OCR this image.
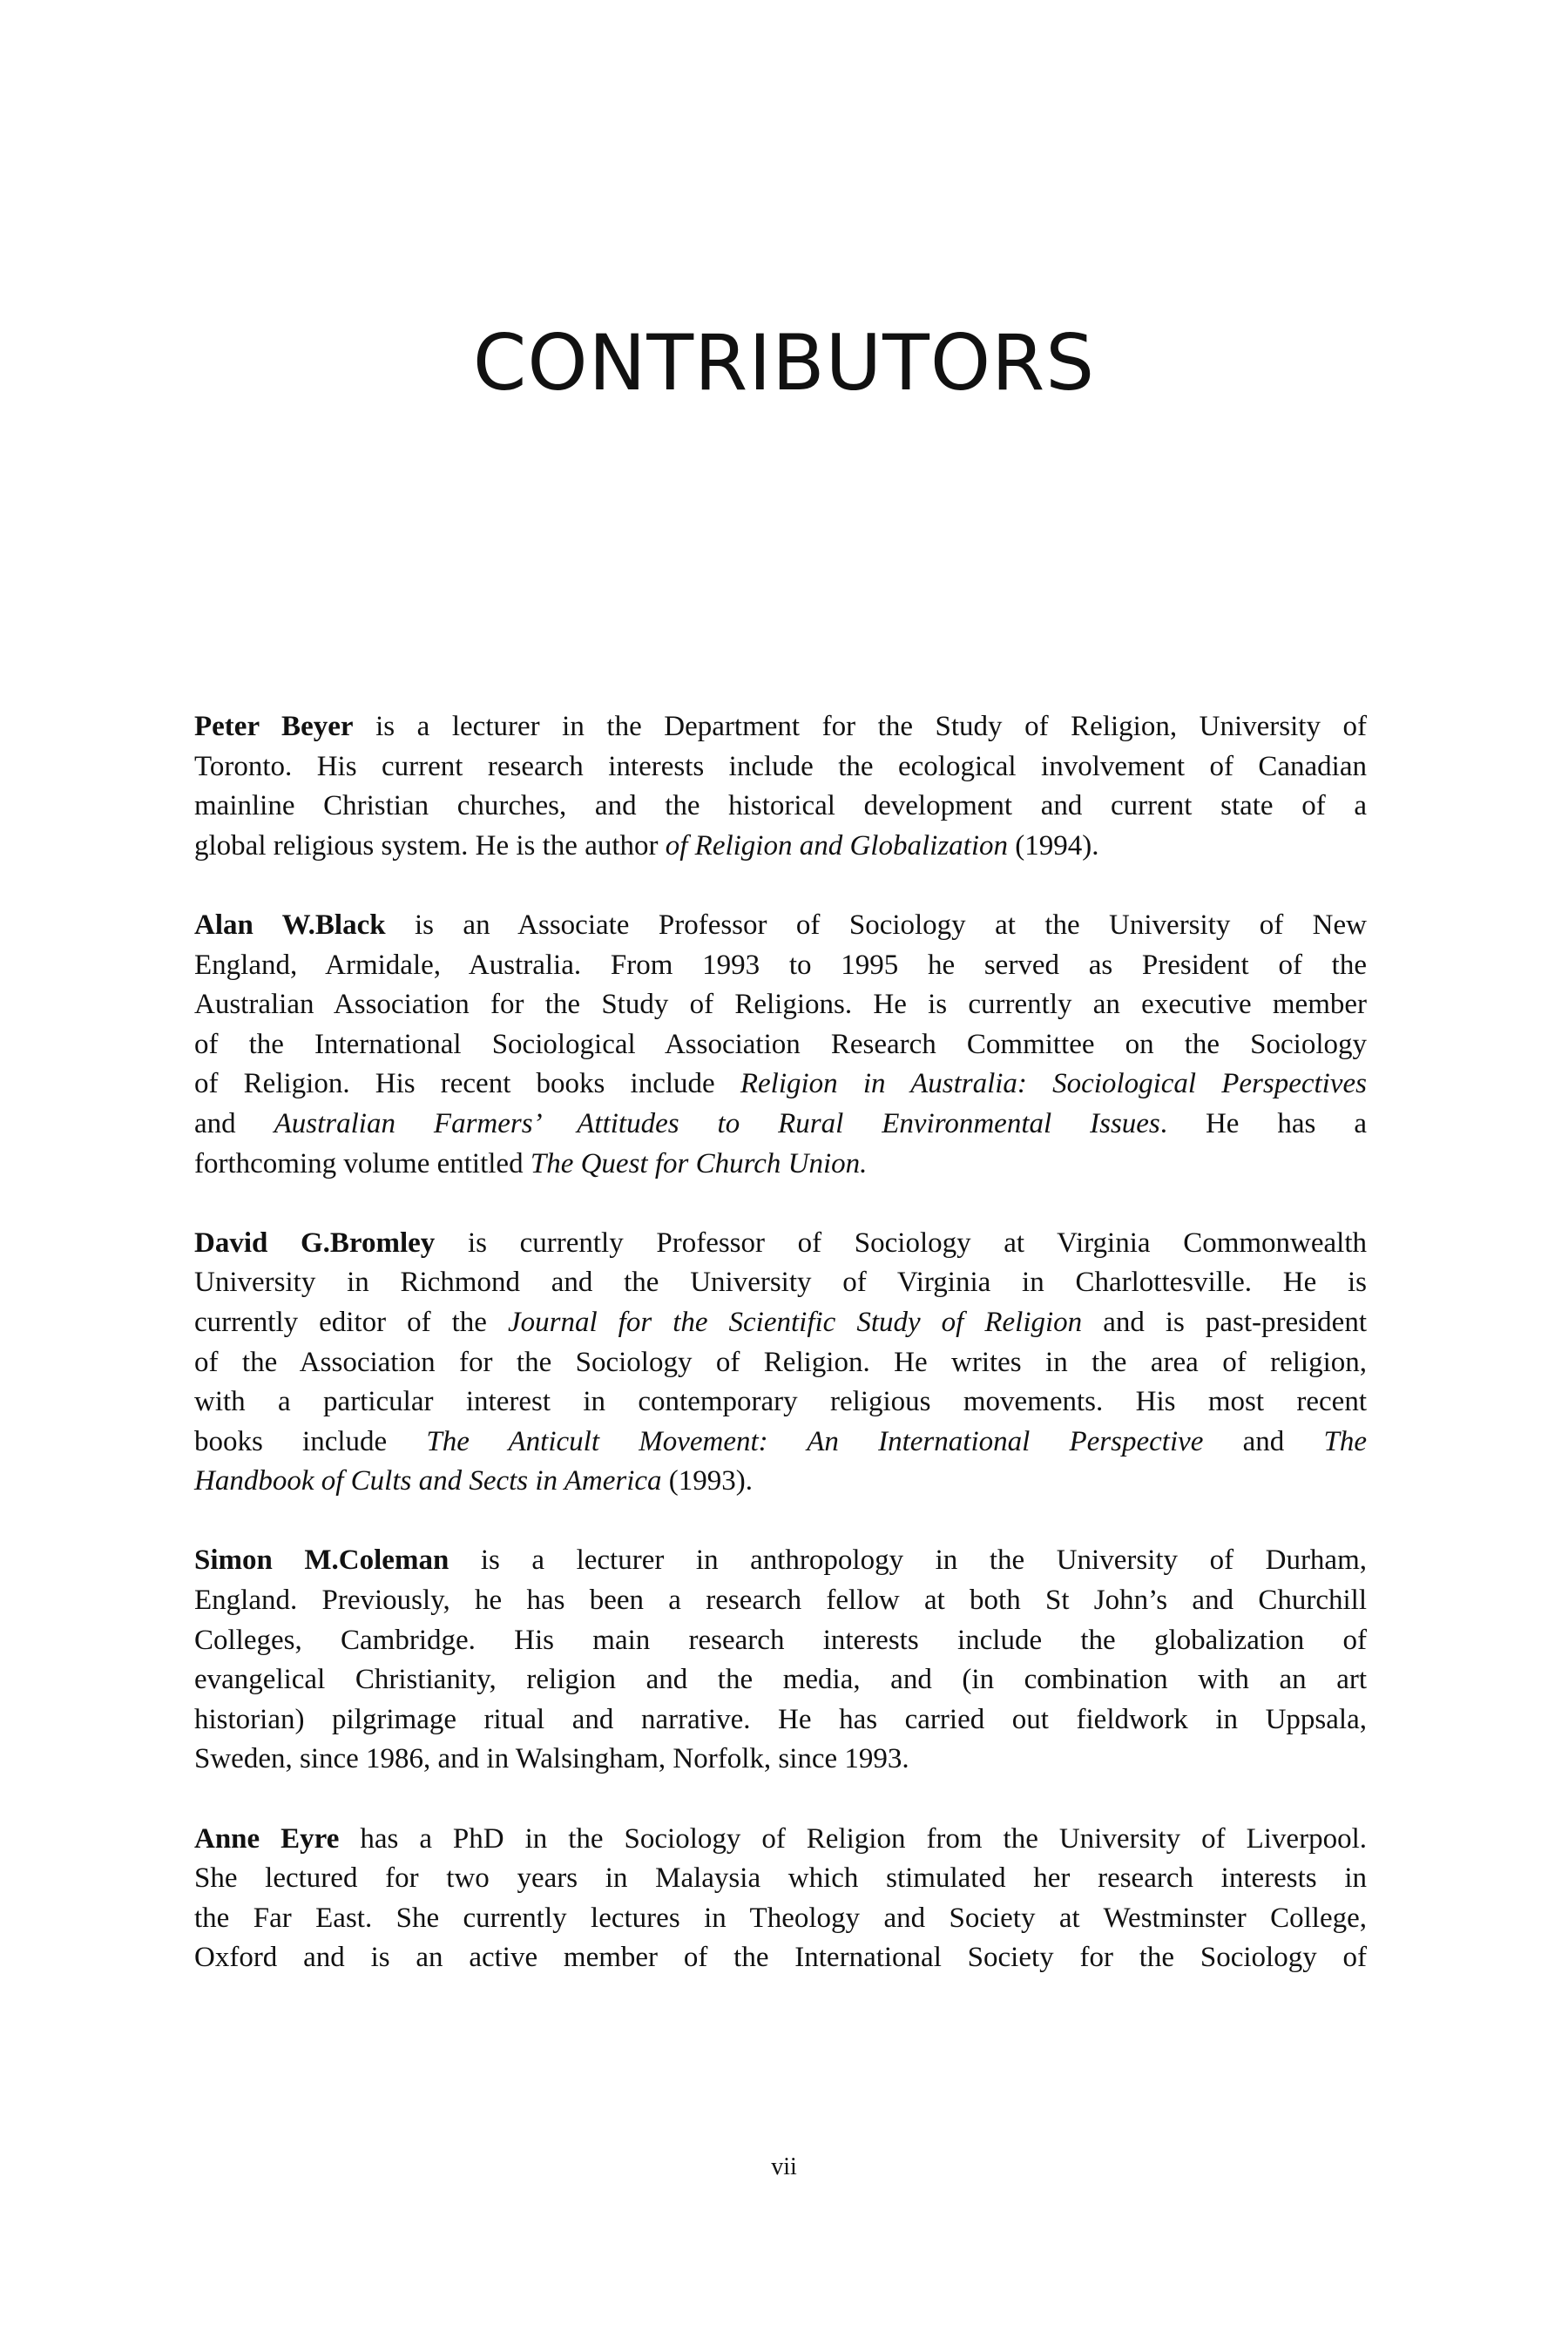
CONTRIBUTORS
Peter Beyer is a lecturer in the Department for the Study of Religion, University of
Toronto. His current research interests include the ecological involvement of Canadian
mainline Christian churches, and the historical development and current state of a
global religious system. He is the author of Religion and Globalization (1994).
Alan W.Black is an Associate Professor of Sociology at the University of New
England, Armidale, Australia. From 1993 to 1995 he served as President of the
Australian Association for the Study of Religions. He is currently an executive member
of the International Sociological Association Research Committee on the Sociology
of Religion. His recent books include Religion in Australia: Sociological Perspectives
and Australian Farmers’ Attitudes to Rural Environmental Issues. He has a
forthcoming volume entitled The Quest for Church Union.
David G.Bromley is currently Professor of Sociology at Virginia Commonwealth
University in Richmond and the University of Virginia in Charlottesville. He is
currently editor of the Journal for the Scientific Study of Religion and is past-president
of the Association for the Sociology of Religion. He writes in the area of religion,
with a particular interest in contemporary religious movements. His most recent
books include The Anticult Movement: An International Perspective and The
Handbook of Cults and Sects in America (1993).
Simon M.Coleman is a lecturer in anthropology in the University of Durham,
England. Previously, he has been a research fellow at both St John’s and Churchill
Colleges, Cambridge. His main research interests include the globalization of
evangelical Christianity, religion and the media, and (in combination with an art
historian) pilgrimage ritual and narrative. He has carried out fieldwork in Uppsala,
Sweden, since 1986, and in Walsingham, Norfolk, since 1993.
Anne Eyre has a PhD in the Sociology of Religion from the University of Liverpool.
She lectured for two years in Malaysia which stimulated her research interests in
the Far East. She currently lectures in Theology and Society at Westminster College,
Oxford and is an active member of the International Society for the Sociology of
vii
